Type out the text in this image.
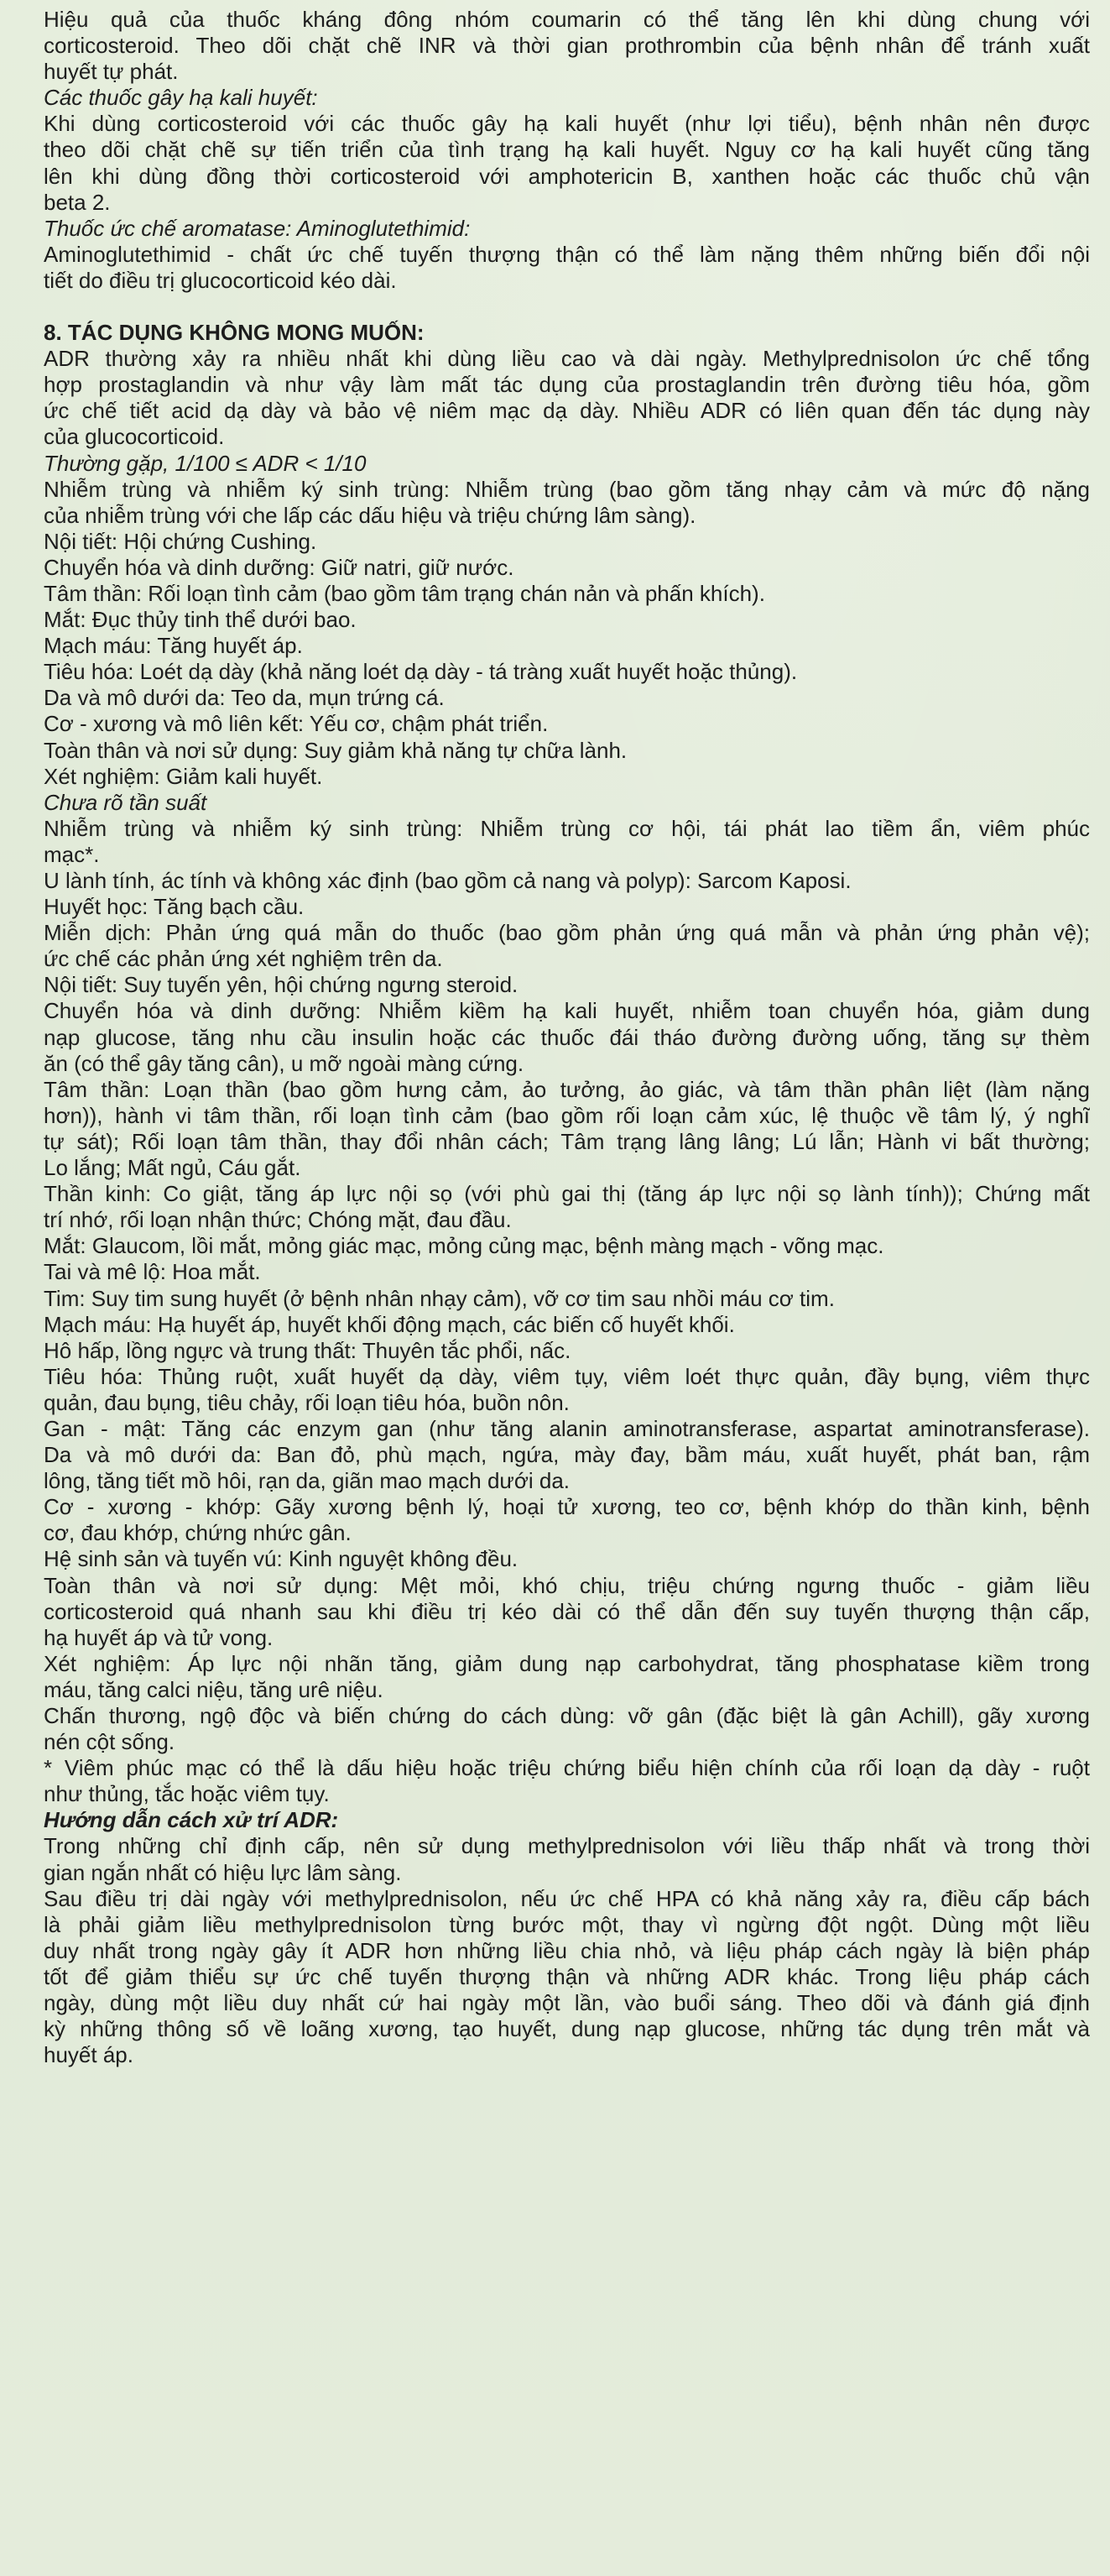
Hiệu quả của thuốc kháng đông nhóm coumarin có thể tăng lên khi dùng chung với
corticosteroid. Theo dõi chặt chẽ INR và thời gian prothrombin của bệnh nhân để tránh xuất
huyết tự phát.
Các thuốc gây hạ kali huyết:
Khi dùng corticosteroid với các thuốc gây hạ kali huyết (như lợi tiểu), bệnh nhân nên được
theo dõi chặt chẽ sự tiến triển của tình trạng hạ kali huyết. Nguy cơ hạ kali huyết cũng tăng
lên khi dùng đồng thời corticosteroid với amphotericin B, xanthen hoặc các thuốc chủ vận
beta 2.
Thuốc ức chế aromatase: Aminoglutethimid:
Aminoglutethimid - chất ức chế tuyến thượng thận có thể làm nặng thêm những biến đổi nội
tiết do điều trị glucocorticoid kéo dài.
8. TÁC DỤNG KHÔNG MONG MUỐN:
ADR thường xảy ra nhiều nhất khi dùng liều cao và dài ngày. Methylprednisolon ức chế tổng
hợp prostaglandin và như vậy làm mất tác dụng của prostaglandin trên đường tiêu hóa, gồm
ức chế tiết acid dạ dày và bảo vệ niêm mạc dạ dày. Nhiều ADR có liên quan đến tác dụng này
của glucocorticoid.
Thường gặp, 1/100 ≤ ADR < 1/10
Nhiễm trùng và nhiễm ký sinh trùng: Nhiễm trùng (bao gồm tăng nhạy cảm và mức độ nặng
của nhiễm trùng với che lấp các dấu hiệu và triệu chứng lâm sàng).
Nội tiết: Hội chứng Cushing.
Chuyển hóa và dinh dưỡng: Giữ natri, giữ nước.
Tâm thần: Rối loạn tình cảm (bao gồm tâm trạng chán nản và phấn khích).
Mắt: Đục thủy tinh thể dưới bao.
Mạch máu: Tăng huyết áp.
Tiêu hóa: Loét dạ dày (khả năng loét dạ dày - tá tràng xuất huyết hoặc thủng).
Da và mô dưới da: Teo da, mụn trứng cá.
Cơ - xương và mô liên kết: Yếu cơ, chậm phát triển.
Toàn thân và nơi sử dụng: Suy giảm khả năng tự chữa lành.
Xét nghiệm: Giảm kali huyết.
Chưa rõ tần suất
Nhiễm trùng và nhiễm ký sinh trùng: Nhiễm trùng cơ hội, tái phát lao tiềm ẩn, viêm phúc
mạc*.
U lành tính, ác tính và không xác định (bao gồm cả nang và polyp): Sarcom Kaposi.
Huyết học: Tăng bạch cầu.
Miễn dịch: Phản ứng quá mẫn do thuốc (bao gồm phản ứng quá mẫn và phản ứng phản vệ);
ức chế các phản ứng xét nghiệm trên da.
Nội tiết: Suy tuyến yên, hội chứng ngưng steroid.
Chuyển hóa và dinh dưỡng: Nhiễm kiềm hạ kali huyết, nhiễm toan chuyển hóa, giảm dung
nạp glucose, tăng nhu cầu insulin hoặc các thuốc đái tháo đường đường uống, tăng sự thèm
ăn (có thể gây tăng cân), u mỡ ngoài màng cứng.
Tâm thần: Loạn thần (bao gồm hưng cảm, ảo tưởng, ảo giác, và tâm thần phân liệt (làm nặng
hơn)), hành vi tâm thần, rối loạn tình cảm (bao gồm rối loạn cảm xúc, lệ thuộc về tâm lý, ý nghĩ
tự sát); Rối loạn tâm thần, thay đổi nhân cách; Tâm trạng lâng lâng; Lú lẫn; Hành vi bất thường;
Lo lắng; Mất ngủ, Cáu gắt.
Thần kinh: Co giật, tăng áp lực nội sọ (với phù gai thị (tăng áp lực nội sọ lành tính)); Chứng mất
trí nhớ, rối loạn nhận thức; Chóng mặt, đau đầu.
Mắt: Glaucom, lồi mắt, mỏng giác mạc, mỏng củng mạc, bệnh màng mạch - võng mạc.
Tai và mê lộ: Hoa mắt.
Tim: Suy tim sung huyết (ở bệnh nhân nhạy cảm), vỡ cơ tim sau nhồi máu cơ tim.
Mạch máu: Hạ huyết áp, huyết khối động mạch, các biến cố huyết khối.
Hô hấp, lồng ngực và trung thất: Thuyên tắc phổi, nấc.
Tiêu hóa: Thủng ruột, xuất huyết dạ dày, viêm tụy, viêm loét thực quản, đầy bụng, viêm thực
quản, đau bụng, tiêu chảy, rối loạn tiêu hóa, buồn nôn.
Gan - mật: Tăng các enzym gan (như tăng alanin aminotransferase, aspartat aminotransferase).
Da và mô dưới da: Ban đỏ, phù mạch, ngứa, mày đay, bầm máu, xuất huyết, phát ban, rậm
lông, tăng tiết mồ hôi, rạn da, giãn mao mạch dưới da.
Cơ - xương - khớp: Gãy xương bệnh lý, hoại tử xương, teo cơ, bệnh khớp do thần kinh, bệnh
cơ, đau khớp, chứng nhức gân.
Hệ sinh sản và tuyến vú: Kinh nguyệt không đều.
Toàn thân và nơi sử dụng: Mệt mỏi, khó chịu, triệu chứng ngưng thuốc - giảm liều
corticosteroid quá nhanh sau khi điều trị kéo dài có thể dẫn đến suy tuyến thượng thận cấp,
hạ huyết áp và tử vong.
Xét nghiệm: Áp lực nội nhãn tăng, giảm dung nạp carbohydrat, tăng phosphatase kiềm trong
máu, tăng calci niệu, tăng urê niệu.
Chấn thương, ngộ độc và biến chứng do cách dùng: vỡ gân (đặc biệt là gân Achill), gãy xương
nén cột sống.
* Viêm phúc mạc có thể là dấu hiệu hoặc triệu chứng biểu hiện chính của rối loạn dạ dày - ruột
như thủng, tắc hoặc viêm tụy.
Hướng dẫn cách xử trí ADR:
Trong những chỉ định cấp, nên sử dụng methylprednisolon với liều thấp nhất và trong thời
gian ngắn nhất có hiệu lực lâm sàng.
Sau điều trị dài ngày với methylprednisolon, nếu ức chế HPA có khả năng xảy ra, điều cấp bách
là phải giảm liều methylprednisolon từng bước một, thay vì ngừng đột ngột. Dùng một liều
duy nhất trong ngày gây ít ADR hơn những liều chia nhỏ, và liệu pháp cách ngày là biện pháp
tốt để giảm thiểu sự ức chế tuyến thượng thận và những ADR khác. Trong liệu pháp cách
ngày, dùng một liều duy nhất cứ hai ngày một lần, vào buổi sáng. Theo dõi và đánh giá định
kỳ những thông số về loãng xương, tạo huyết, dung nạp glucose, những tác dụng trên mắt và
huyết áp.
